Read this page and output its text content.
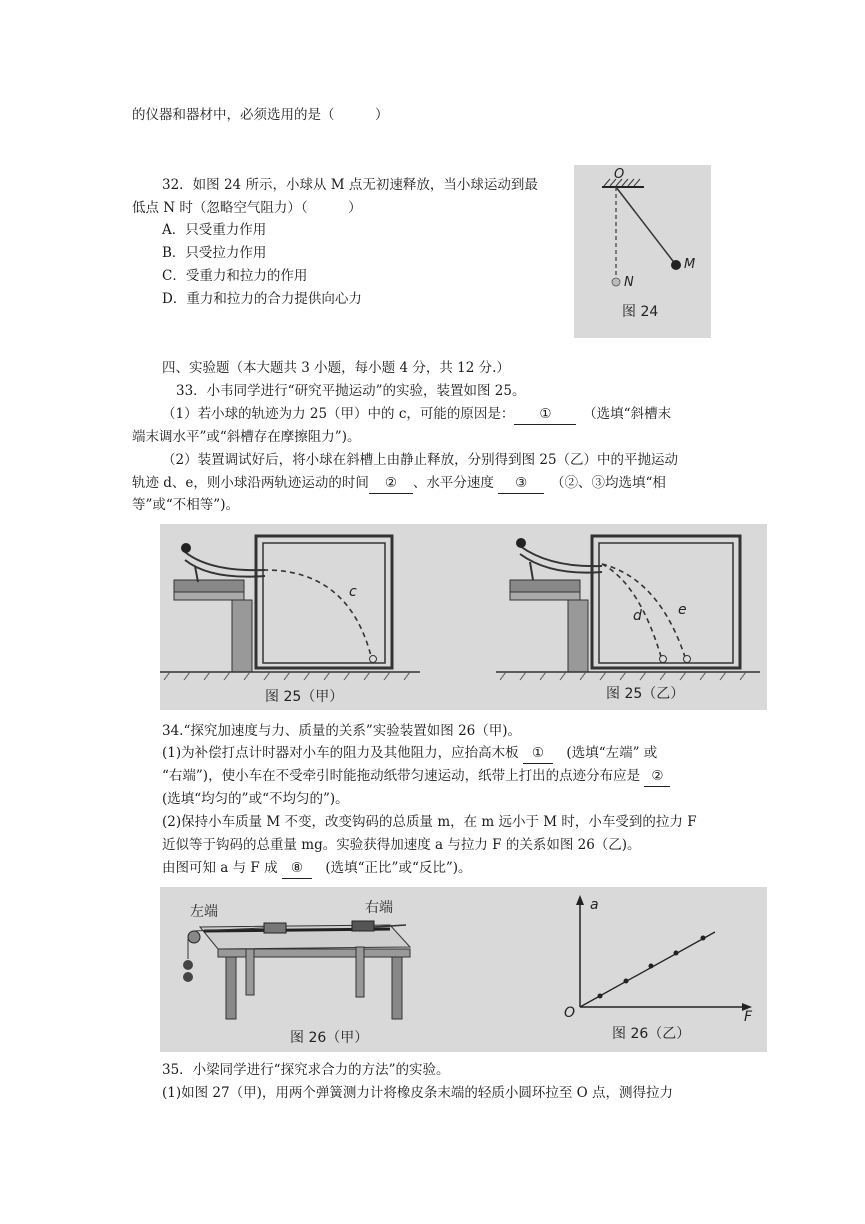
的仪器和器材中，必须选用的是（　　　）
32．如图 24 所示，小球从 M 点无初速释放，当小球运动到最
低点 N 时（忽略空气阻力）（　　　）
A．只受重力作用
B．只受拉力作用
C．受重力和拉力的作用
D．重力和拉力的合力提供向心力
O
M
N
图 24
四、实验题（本大题共 3 小题，每小题 4 分，共 12 分.）
33．小韦同学进行“研究平抛运动”的实验，装置如图 25。
（1）若小球的轨迹为力 25（甲）中的 c，可能的原因是： ①　	（选填“斜槽末
端末调水平”或“斜槽存在摩擦阻力”)。
（2）装置调试好后，将小球在斜槽上由静止释放，分别得到图 25（乙）中的平抛运动
轨迹 d、e，则小球沿两轨迹运动的时间 ② 、水平分速度 ③　 （②、③均选填“相
等”或“不相等”)。
c
d	e
图 25（甲）	图 25（乙）
34.“探究加速度与力、质量的关系”实验装置如图 26（甲)。
(1)为补偿打点计时器对小车的阻力及其他阻力，应抬高木板 ①　 (选填“左端” 或
“右端”)，使小车在不受牵引时能拖动纸带匀速运动，纸带上打出的点迹分布应是 ②
(选填“均匀的”或“不均匀的”)。
(2)保持小车质量 M 不变，改变钩码的总质量 m，在 m 远小于 M 时，小车受到的拉力 F
近似等于钩码的总重量 mg。实验获得加速度 a 与拉力 F 的关系如图 26（乙)。
由图可知 a 与 F 成 ⑧　 (选填“正比”或“反比”)。
左端	右端	a
F
O
图 26（甲）	图 26（乙）
35．小梁同学进行“探究求合力的方法”的实验。
(1)如图 27（甲)，用两个弹簧测力计将橡皮条末端的轻质小圆环拉至 O 点，测得拉力
